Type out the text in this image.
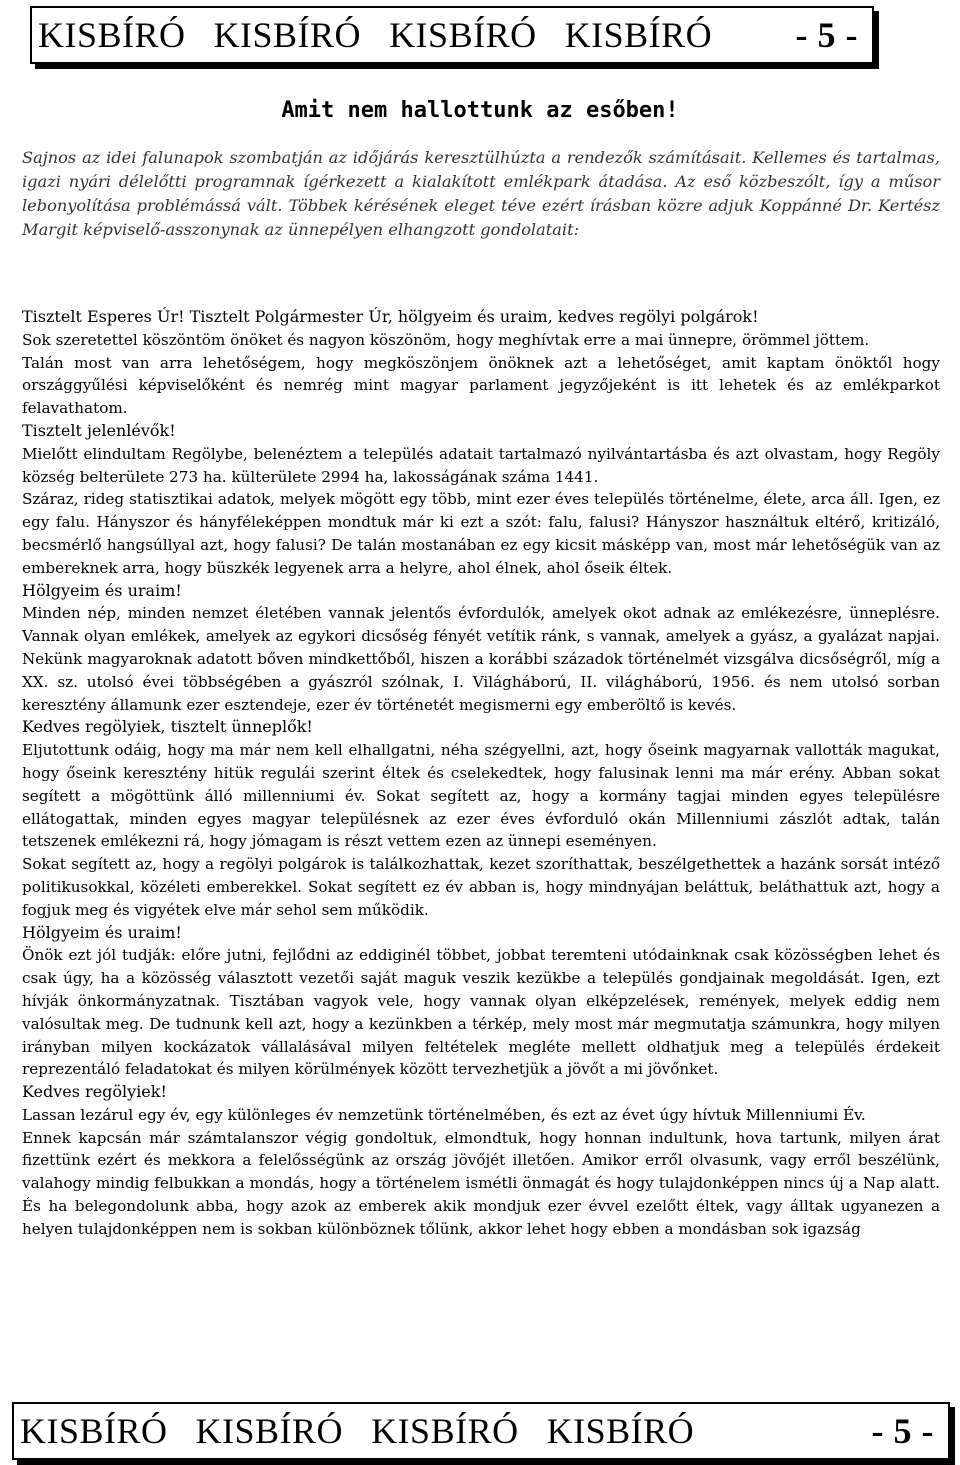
KISBÍRÓ KISBÍRÓ KISBÍRÓ KISBÍRÓ - 5 -
Amit nem hallottunk az esőben!

Sajnos az idei falunapok szombatján az időjárás keresztülhúzta a rendezők számításait. Kellemes és tartalmas, igazi nyári délelőtti programnak ígérkezett a kialakított emlékpark átadása. Az eső közbeszólt, így a műsor lebonyolítása problémássá vált. Többek kérésének eleget téve ezért írásban közre adjuk Koppánné Dr. Kertész Margit képviselő-asszonynak az ünnepélyen elhangzott gondolatait:

Tisztelt Esperes Úr! Tisztelt Polgármester Úr, hölgyeim és uraim, kedves regölyi polgárok!

Sok szeretettel köszöntöm önöket és nagyon köszönöm, hogy meghívtak erre a mai ünnepre, örömmel jöttem.

Talán most van arra lehetőségem, hogy megköszönjem önöknek azt a lehetőséget, amit kaptam önöktől hogy országgyűlési képviselőként és nemrég mint magyar parlament jegyzőjeként is itt lehetek és az emlékparkot felavathatom.

Tisztelt jelenlévők!

Mielőtt elindultam Regölybe, belenéztem a település adatait tartalmazó nyilvántartásba és azt olvastam, hogy Regöly község belterülete 273 ha. külterülete 2994 ha, lakosságának száma 1441.

Száraz, rideg statisztikai adatok, melyek mögött egy több, mint ezer éves település történelme, élete, arca áll. Igen, ez egy falu. Hányszor és hányféleképpen mondtuk már ki ezt a szót: falu, falusi? Hányszor használtuk eltérő, kritizáló, becsmérlő hangsúllyal azt, hogy falusi? De talán mostanában ez egy kicsit másképp van, most már lehetőségük van az embereknek arra, hogy büszkék legyenek arra a helyre, ahol élnek, ahol őseik éltek.

Hölgyeim és uraim!

Minden nép, minden nemzet életében vannak jelentős évfordulók, amelyek okot adnak az emlékezésre, ünneplésre. Vannak olyan emlékek, amelyek az egykori dicsőség fényét vetítik ránk, s vannak, amelyek a gyász, a gyalázat napjai. Nekünk magyaroknak adatott bőven mindkettőből, hiszen a korábbi századok történelmét vizsgálva dicsőségről, míg a XX. sz. utolsó évei többségében a gyászról szólnak, I. Világháború, II. világháború, 1956. és nem utolsó sorban keresztény államunk ezer esztendeje, ezer év történetét megismerni egy emberöltő is kevés.

Kedves regölyiek, tisztelt ünneplők!

Eljutottunk odáig, hogy ma már nem kell elhallgatni, néha szégyellni, azt, hogy őseink magyarnak vallották magukat, hogy őseink keresztény hitük regulái szerint éltek és cselekedtek, hogy falusinak lenni ma már erény. Abban sokat segített a mögöttünk álló millenniumi év. Sokat segített az, hogy a kormány tagjai minden egyes településre ellátogattak, minden egyes magyar településnek az ezer éves évforduló okán Millenniumi zászlót adtak, talán tetszenek emlékezni rá, hogy jómagam is részt vettem ezen az ünnepi eseményen.

Sokat segített az, hogy a regölyi polgárok is találkozhattak, kezet szoríthattak, beszélgethettek a hazánk sorsát intéző politikusokkal, közéleti emberekkel. Sokat segített ez év abban is, hogy mindnyájan beláttuk, beláthattuk azt, hogy a fogjuk meg és vigyétek elve már sehol sem működik.

Hölgyeim és uraim!

Önök ezt jól tudják: előre jutni, fejlődni az eddiginél többet, jobbat teremteni utódainknak csak közösségben lehet és csak úgy, ha a közösség választott vezetői saját maguk veszik kezükbe a település gondjainak megoldását. Igen, ezt hívják önkormányzatnak. Tisztában vagyok vele, hogy vannak olyan elképzelések, remények, melyek eddig nem valósultak meg. De tudnunk kell azt, hogy a kezünkben a térkép, mely most már megmutatja számunkra, hogy milyen irányban milyen kockázatok vállalásával milyen feltételek megléte mellett oldhatjuk meg a település érdekeit reprezentáló feladatokat és milyen körülmények között tervezhetjük a jövőt a mi jövőnket.

Kedves regölyiek!

Lassan lezárul egy év, egy különleges év nemzetünk történelmében, és ezt az évet úgy hívtuk Millenniumi Év.

Ennek kapcsán már számtalanszor végig gondoltuk, elmondtuk, hogy honnan indultunk, hova tartunk, milyen árat fizettünk ezért és mekkora a felelősségünk az ország jövőjét illetően. Amikor erről olvasunk, vagy erről beszélünk, valahogy mindig felbukkan a mondás, hogy a történelem ismétli önmagát és hogy tulajdonképpen nincs új a Nap alatt. És ha belegondolunk abba, hogy azok az emberek akik mondjuk ezer évvel ezelőtt éltek, vagy álltak ugyanezen a helyen tulajdonképpen nem is sokban különböznek tőlünk, akkor lehet hogy ebben a mondásban sok igazság

KISBÍRÓ KISBÍRÓ KISBÍRÓ KISBÍRÓ	- 5 -
